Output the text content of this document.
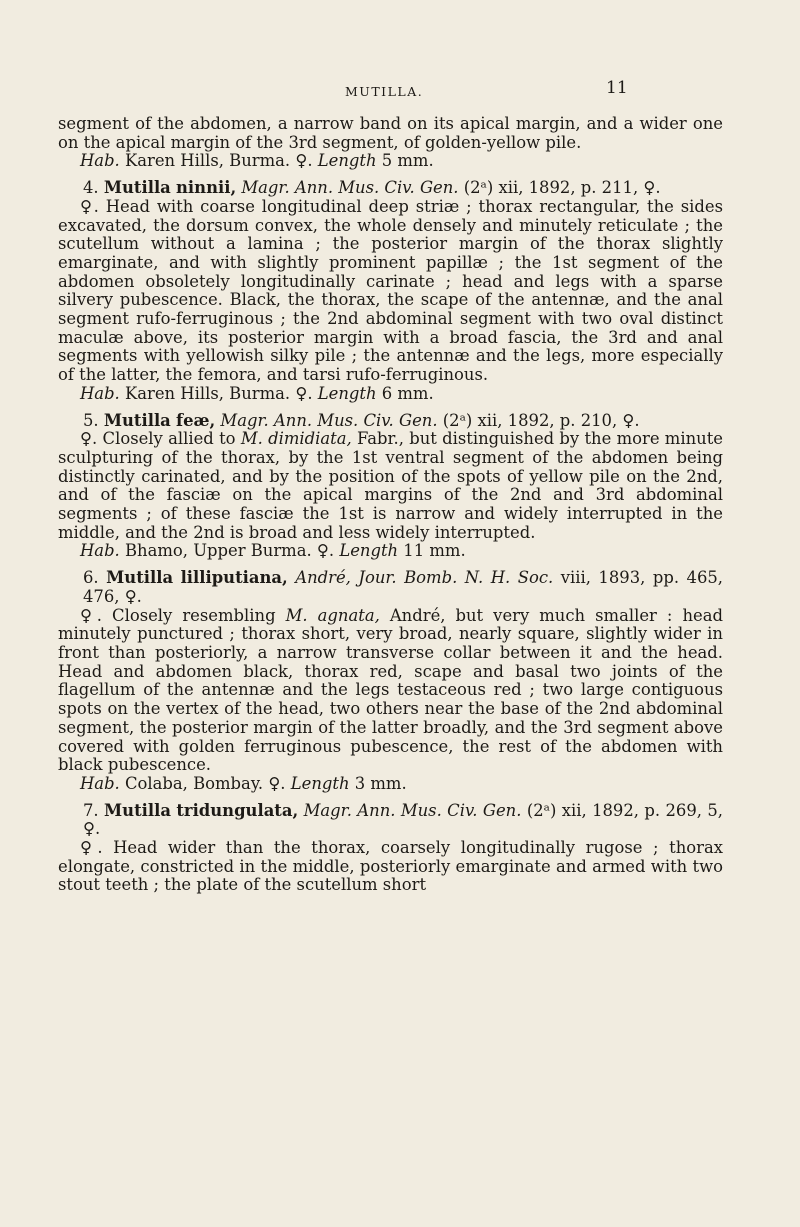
MUTILLA.	11

segment of the abdomen, a narrow band on its apical margin, and a wider one on the apical margin of the 3rd segment, of golden-yellow pile.

Hab. Karen Hills, Burma. ♀. Length 5 mm.

4. Mutilla ninnii, Magr. Ann. Mus. Civ. Gen. (2ᵃ) xii, 1892, p. 211, ♀.

♀. Head with coarse longitudinal deep striæ ; thorax rectangular, the sides excavated, the dorsum convex, the whole densely and minutely reticulate ; the scutellum without a lamina ; the posterior margin of the thorax slightly emarginate, and with slightly prominent papillæ ; the 1st segment of the abdomen obsoletely longitudinally carinate ; head and legs with a sparse silvery pubescence. Black, the thorax, the scape of the antennæ, and the anal segment rufo-ferruginous ; the 2nd abdominal segment with two oval distinct maculæ above, its posterior margin with a broad fascia, the 3rd and anal segments with yellowish silky pile ; the antennæ and the legs, more especially of the latter, the femora, and tarsi rufo-ferruginous.

Hab. Karen Hills, Burma. ♀. Length 6 mm.

5. Mutilla feæ, Magr. Ann. Mus. Civ. Gen. (2ᵃ) xii, 1892, p. 210, ♀.

♀. Closely allied to M. dimidiata, Fabr., but distinguished by the more minute sculpturing of the thorax, by the 1st ventral segment of the abdomen being distinctly carinated, and by the position of the spots of yellow pile on the 2nd, and of the fasciæ on the apical margins of the 2nd and 3rd abdominal segments ; of these fasciæ the 1st is narrow and widely interrupted in the middle, and the 2nd is broad and less widely interrupted.

Hab. Bhamo, Upper Burma. ♀. Length 11 mm.

6. Mutilla lilliputiana, André, Jour. Bomb. N. H. Soc. viii, 1893, pp. 465, 476, ♀.

♀. Closely resembling M. agnata, André, but very much smaller : head minutely punctured ; thorax short, very broad, nearly square, slightly wider in front than posteriorly, a narrow transverse collar between it and the head. Head and abdomen black, thorax red, scape and basal two joints of the flagellum of the antennæ and the legs testaceous red ; two large contiguous spots on the vertex of the head, two others near the base of the 2nd abdominal segment, the posterior margin of the latter broadly, and the 3rd segment above covered with golden ferruginous pubescence, the rest of the abdomen with black pubescence.

Hab. Colaba, Bombay. ♀. Length 3 mm.

7. Mutilla tridungulata, Magr. Ann. Mus. Civ. Gen. (2ᵃ) xii, 1892, p. 269, 5, ♀.

♀. Head wider than the thorax, coarsely longitudinally rugose ; thorax elongate, constricted in the middle, posteriorly emarginate and armed with two stout teeth ; the plate of the scutellum short
